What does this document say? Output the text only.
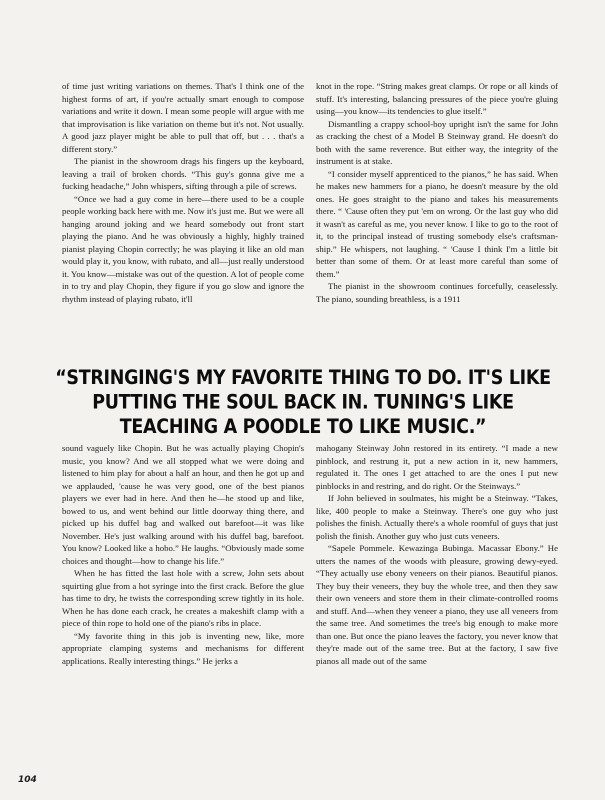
of time just writing variations on themes. That's I think one of the highest forms of art, if you're actually smart enough to compose variations and write it down. I mean some people will argue with me that improvisation is like variation on theme but it's not. Not usually. A good jazz player might be able to pull that off, but . . . that's a different story.”

The pianist in the showroom drags his fingers up the keyboard, leaving a trail of broken chords. “This guy's gonna give me a fucking headache,” John whispers, sifting through a pile of screws.

“Once we had a guy come in here—there used to be a couple people working back here with me. Now it's just me. But we were all hanging around joking and we heard somebody out front start playing the piano. And he was obviously a highly, highly trained pianist playing Chopin correctly; he was playing it like an old man would play it, you know, with rubato, and all—just really understood it. You know—mistake was out of the question. A lot of people come in to try and play Chopin, they figure if you go slow and ignore the rhythm instead of playing rubato, it'll

knot in the rope. “String makes great clamps. Or rope or all kinds of stuff. It's interesting, balancing pressures of the piece you're gluing using—you know—its tendencies to glue itself.”

Dismantling a crappy school-boy upright isn't the same for John as cracking the chest of a Model B Steinway grand. He doesn't do both with the same reverence. But either way, the integrity of the instrument is at stake.

“I consider myself apprenticed to the pianos,” he has said. When he makes new hammers for a piano, he doesn't measure by the old ones. He goes straight to the piano and takes his measurements there. “ 'Cause often they put 'em on wrong. Or the last guy who did it wasn't as careful as me, you never know. I like to go to the root of it, to the principal instead of trusting somebody else's craftsmanship.” He whispers, not laughing. “ 'Cause I think I'm a little bit better than some of them. Or at least more careful than some of them.”

The pianist in the showroom continues forcefully, ceaselessly. The piano, sounding breathless, is a 1911

“STRINGING'S MY FAVORITE THING TO DO. IT'S LIKE PUTTING THE SOUL BACK IN. TUNING'S LIKE TEACHING A POODLE TO LIKE MUSIC.”

sound vaguely like Chopin. But he was actually playing Chopin's music, you know? And we all stopped what we were doing and listened to him play for about a half an hour, and then he got up and we applauded, 'cause he was very good, one of the best pianos players we ever had in here. And then he—he stood up and like, bowed to us, and went behind our little doorway thing there, and picked up his duffel bag and walked out barefoot—it was like November. He's just walking around with his duffel bag, barefoot. You know? Looked like a hobo.” He laughs. “Obviously made some choices and thought—how to change his life.”

When he has fitted the last hole with a screw, John sets about squirting glue from a hot syringe into the first crack. Before the glue has time to dry, he twists the corresponding screw tightly in its hole. When he has done each crack, he creates a makeshift clamp with a piece of thin rope to hold one of the piano's ribs in place.

“My favorite thing in this job is inventing new, like, more appropriate clamping systems and mechanisms for different applications. Really interesting things.” He jerks a

mahogany Steinway John restored in its entirety. “I made a new pinblock, and restrung it, put a new action in it, new hammers, regulated it. The ones I get attached to are the ones I put new pinblocks in and restring, and do right. Or the Steinways.”

If John believed in soulmates, his might be a Steinway. “Takes, like, 400 people to make a Steinway. There's one guy who just polishes the finish. Actually there's a whole roomful of guys that just polish the finish. Another guy who just cuts veneers.

“Sapele Pommele. Kewazinga Bubinga. Macassar Ebony.” He utters the names of the woods with pleasure, growing dewy-eyed. “They actually use ebony veneers on their pianos. Beautiful pianos. They buy their veneers, they buy the whole tree, and then they saw their own veneers and store them in their climate-controlled rooms and stuff. And—when they veneer a piano, they use all veneers from the same tree. And sometimes the tree's big enough to make more than one. But once the piano leaves the factory, you never know that they're made out of the same tree. But at the factory, I saw five pianos all made out of the same

104
